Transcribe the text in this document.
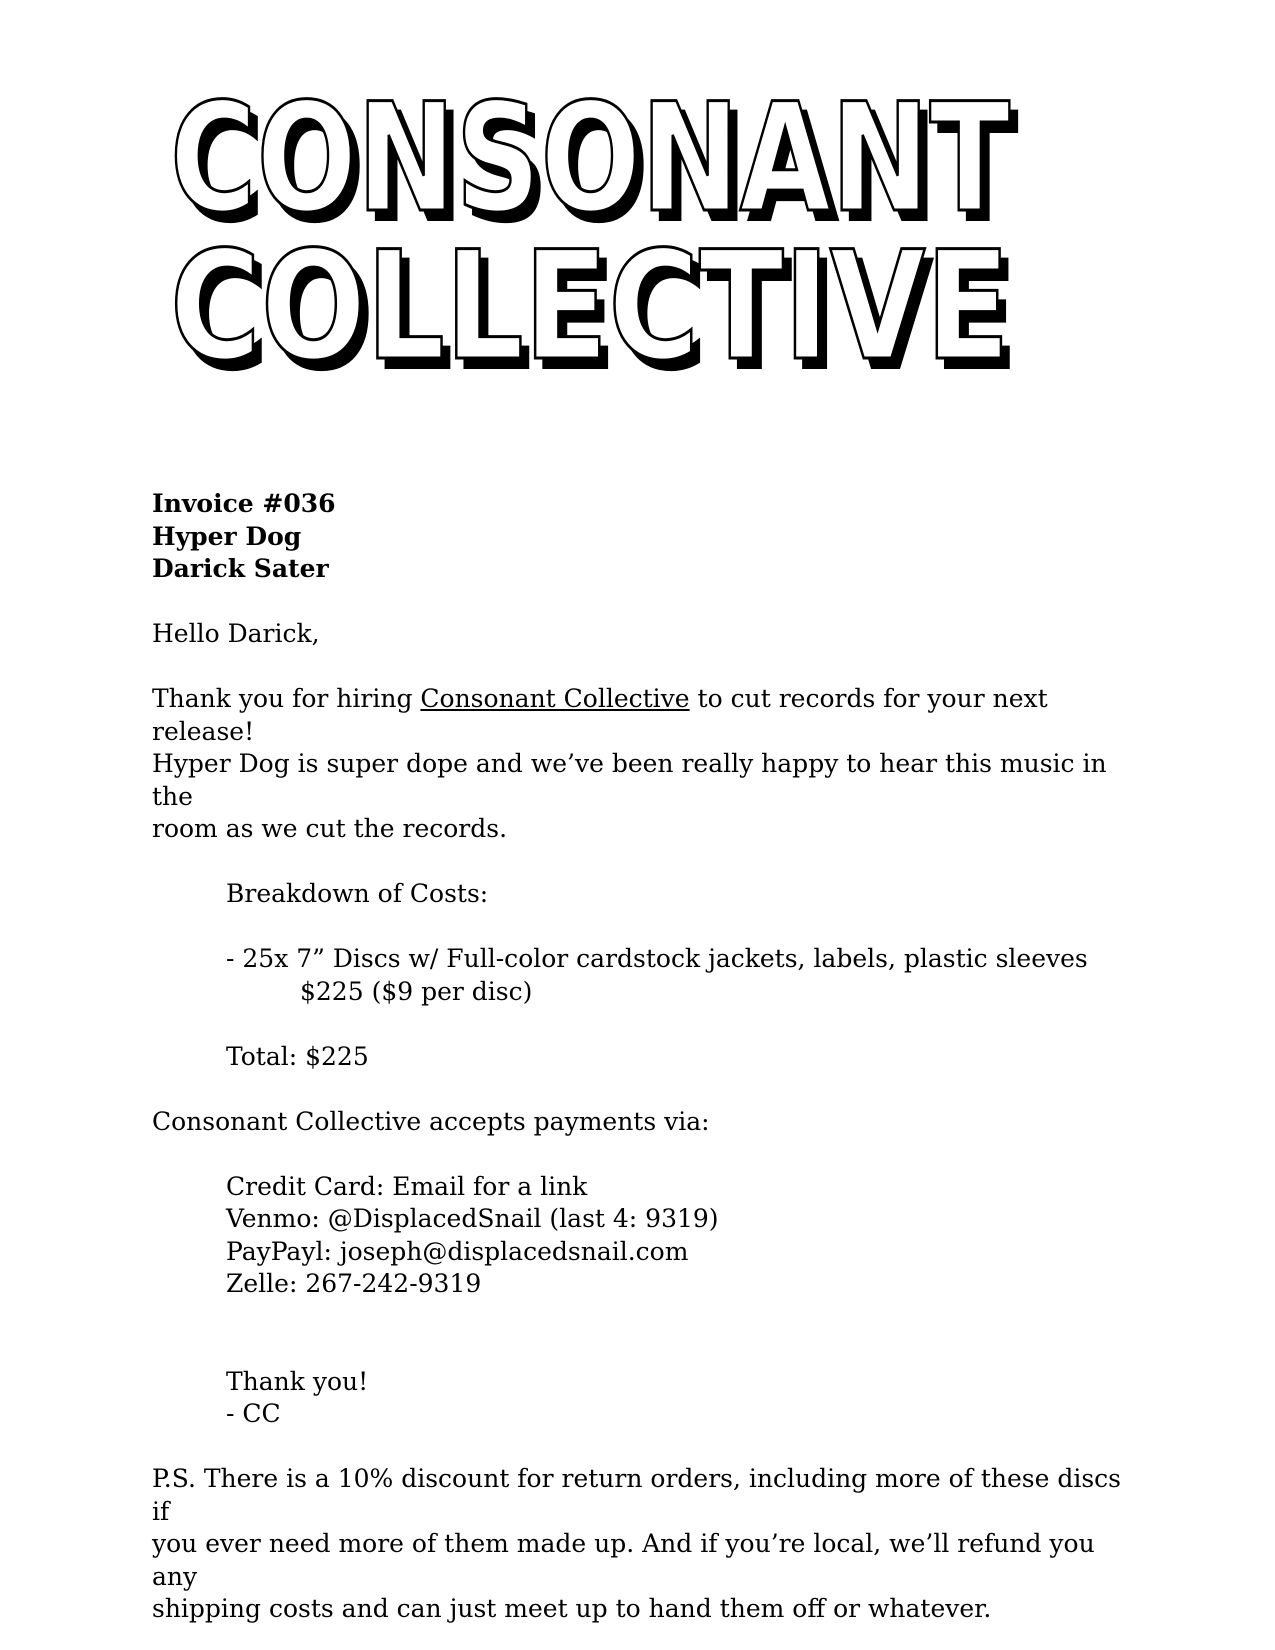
CONSONANT
CONSONANT
COLLECTIVE
COLLECTIVE

Invoice #036

Hyper Dog

Darick Sater

Hello Darick,

Thank you for hiring Consonant Collective to cut records for your next release!

Hyper Dog is super dope and we’ve been really happy to hear this music in the

room as we cut the records.

Breakdown of Costs:

- 25x 7” Discs w/ Full-color cardstock jackets, labels, plastic sleeves

$225 ($9 per disc)

Total: $225

Consonant Collective accepts payments via:

Credit Card: Email for a link

Venmo: @DisplacedSnail (last 4: 9319)

PayPayl: joseph@displacedsnail.com

Zelle: 267-242-9319

Thank you!

- CC

P.S. There is a 10% discount for return orders, including more of these discs if

you ever need more of them made up. And if you’re local, we’ll refund you any

shipping costs and can just meet up to hand them off or whatever.
